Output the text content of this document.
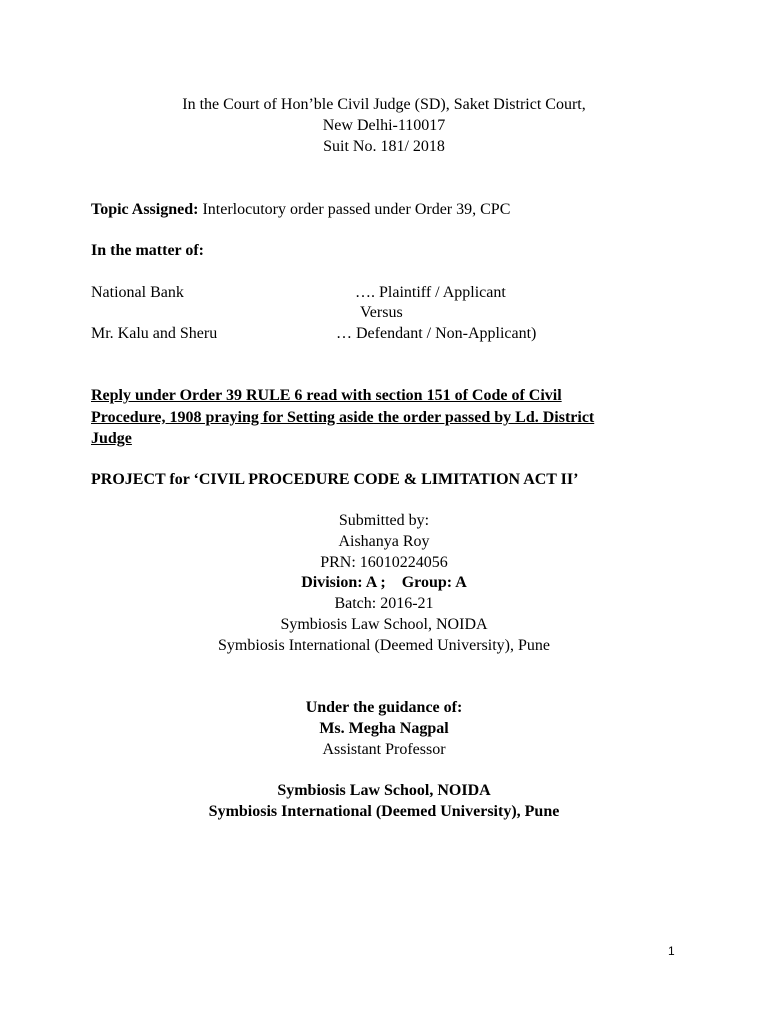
In the Court of Hon’ble Civil Judge (SD), Saket District Court,
New Delhi-110017
Suit No. 181/ 2018
Topic Assigned: Interlocutory order passed under Order 39, CPC
In the matter of:
National Bank	…. Plaintiff / Applicant
Versus
Mr. Kalu and Sheru	… Defendant / Non-Applicant)
Reply under Order 39 RULE 6 read with section 151 of Code of Civil
Procedure, 1908 praying for Setting aside the order passed by Ld. District
Judge
PROJECT for ‘CIVIL PROCEDURE CODE & LIMITATION ACT II’
Submitted by:
Aishanya Roy
PRN: 16010224056
Division: A ; Group: A
Batch: 2016-21
Symbiosis Law School, NOIDA
Symbiosis International (Deemed University), Pune
Under the guidance of:
Ms. Megha Nagpal
Assistant Professor
Symbiosis Law School, NOIDA
Symbiosis International (Deemed University), Pune
1
